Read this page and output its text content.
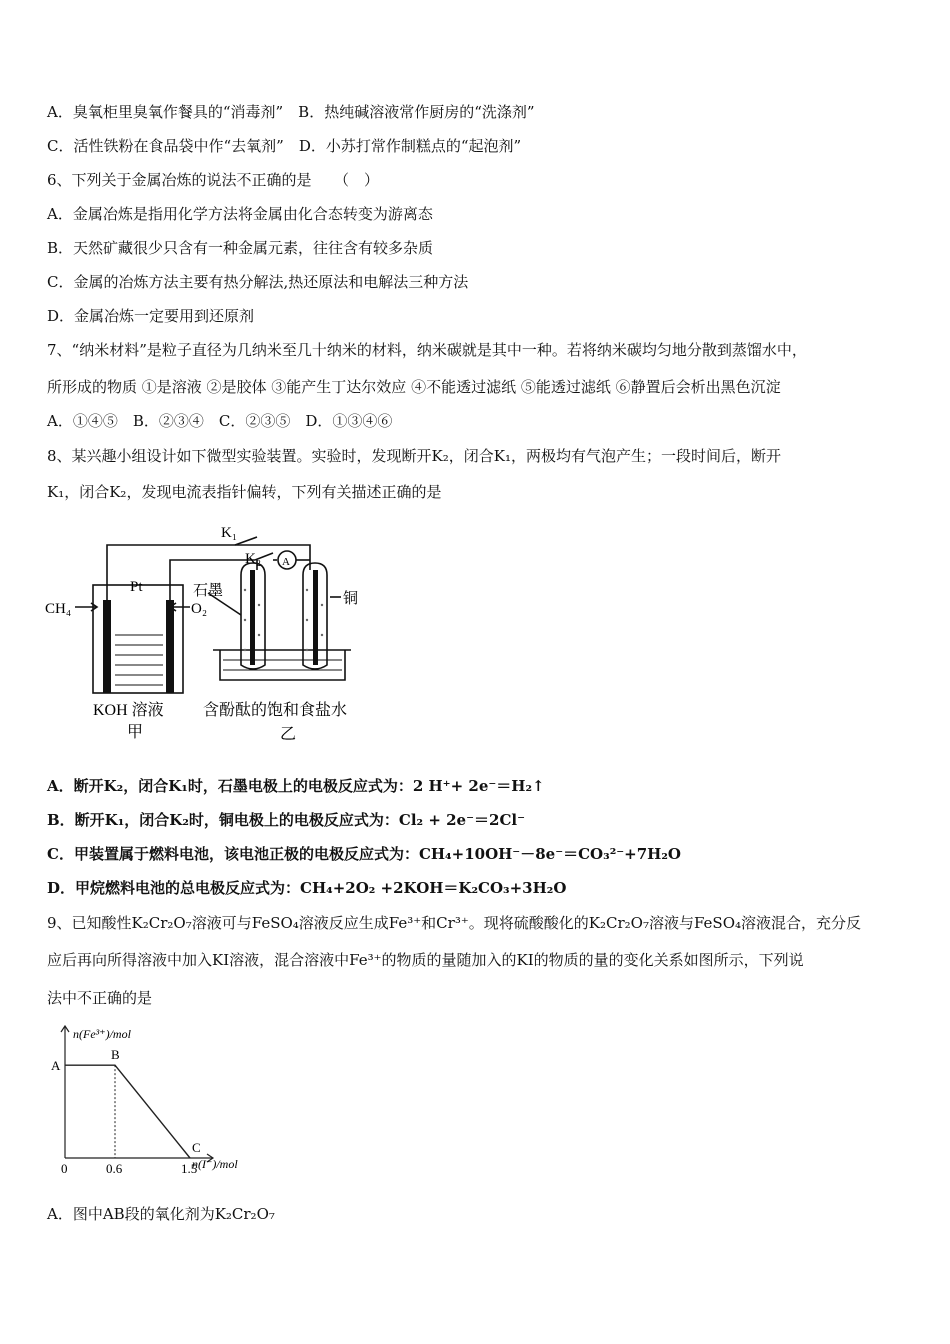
A．臭氧柜里臭氧作餐具的“消毒剂”　B．热纯碱溶液常作厨房的“洗涤剂”
C．活性铁粉在食品袋中作“去氧剂”　D．小苏打常作制糕点的“起泡剂”
6、下列关于金属冶炼的说法不正确的是　　（　）
A．金属冶炼是指用化学方法将金属由化合态转变为游离态
B．天然矿藏很少只含有一种金属元素，往往含有较多杂质
C．金属的冶炼方法主要有热分解法,热还原法和电解法三种方法
D．金属冶炼一定要用到还原剂
7、“纳米材料”是粒子直径为几纳米至几十纳米的材料，纳米碳就是其中一种。若将纳米碳均匀地分散到蒸馏水中，
所形成的物质 ①是溶液 ②是胶体 ③能产生丁达尔效应 ④不能透过滤纸 ⑤能透过滤纸 ⑥静置后会析出黑色沉淀
A．①④⑤　B．②③④　C．②③⑤　D．①③④⑥
8、某兴趣小组设计如下微型实验装置。实验时，发现断开K₂，闭合K₁，两极均有气泡产生；一段时间后，断开
K₁，闭合K₂，发现电流表指针偏转，下列有关描述正确的是
K₁
K₂ A
Pt
CH₄	O₂
石墨	铜
KOH 溶液 含酚酞的饱和食盐水
甲	乙
A．断开K₂，闭合K₁时，石墨电极上的电极反应式为：2 H⁺+ 2e⁻＝H₂↑
B．断开K₁，闭合K₂时，铜电极上的电极反应式为：Cl₂ + 2e⁻＝2Cl⁻
C．甲装置属于燃料电池，该电池正极的电极反应式为：CH₄+10OH⁻－8e⁻＝CO₃²⁻+7H₂O
D．甲烷燃料电池的总电极反应式为：CH₄+2O₂ +2KOH＝K₂CO₃+3H₂O
9、已知酸性K₂Cr₂O₇溶液可与FeSO₄溶液反应生成Fe³⁺和Cr³⁺。现将硫酸酸化的K₂Cr₂O₇溶液与FeSO₄溶液混合，充分反
应后再向所得溶液中加入KI溶液，混合溶液中Fe³⁺的物质的量随加入的KI的物质的量的变化关系如图所示，下列说
法中不正确的是
n(Fe³⁺)/mol
n(I⁻)/mol
A
B
C
0	0.6	1.5
A．图中AB段的氧化剂为K₂Cr₂O₇
